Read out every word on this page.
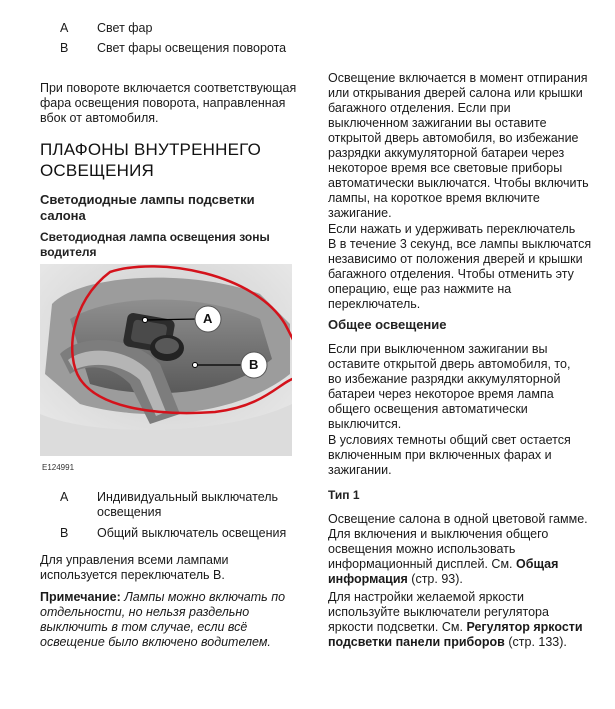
A Свет фар
B Свет фары освещения поворота
При повороте включается соответствующая
фара освещения поворота, направленная
вбок от автомобиля.
ПЛАФОНЫ ВНУТРЕННЕГО
ОСВЕЩЕНИЯ
Светодиодные лампы подсветки
салона
Светодиодная лампа освещения зоны
водителя
A
B
E124991
A Индивидуальный выключатель
освещения
B Общий выключатель освещения
Для управления всеми лампами
используется переключатель B.
Примечание: Лампы можно включать по
отдельности, но нельзя раздельно
выключить в том случае, если всё
освещение было включено водителем.
Освещение включается в момент отпирания
или открывания дверей салона или крышки
багажного отделения. Если при
выключенном зажигании вы оставите
открытой дверь автомобиля, во избежание
разрядки аккумуляторной батареи через
некоторое время все световые приборы
автоматически выключатся. Чтобы включить
лампы, на короткое время включите
зажигание.
Если нажать и удерживать переключатель
B в течение 3 секунд, все лампы выключатся
независимо от положения дверей и крышки
багажного отделения. Чтобы отменить эту
операцию, еще раз нажмите на
переключатель.
Общее освещение
Если при выключенном зажигании вы
оставите открытой дверь автомобиля, то,
во избежание разрядки аккумуляторной
батареи через некоторое время лампа
общего освещения автоматически
выключится.
В условиях темноты общий свет остается
включенным при включенных фарах и
зажигании.
Тип 1
Освещение салона в одной цветовой гамме.
Для включения и выключения общего
освещения можно использовать
информационный дисплей. См. Общая
информация (стр. 93).
Для настройки желаемой яркости
используйте выключатели регулятора
яркости подсветки. См. Регулятор яркости
подсветки панели приборов (стр. 133).
